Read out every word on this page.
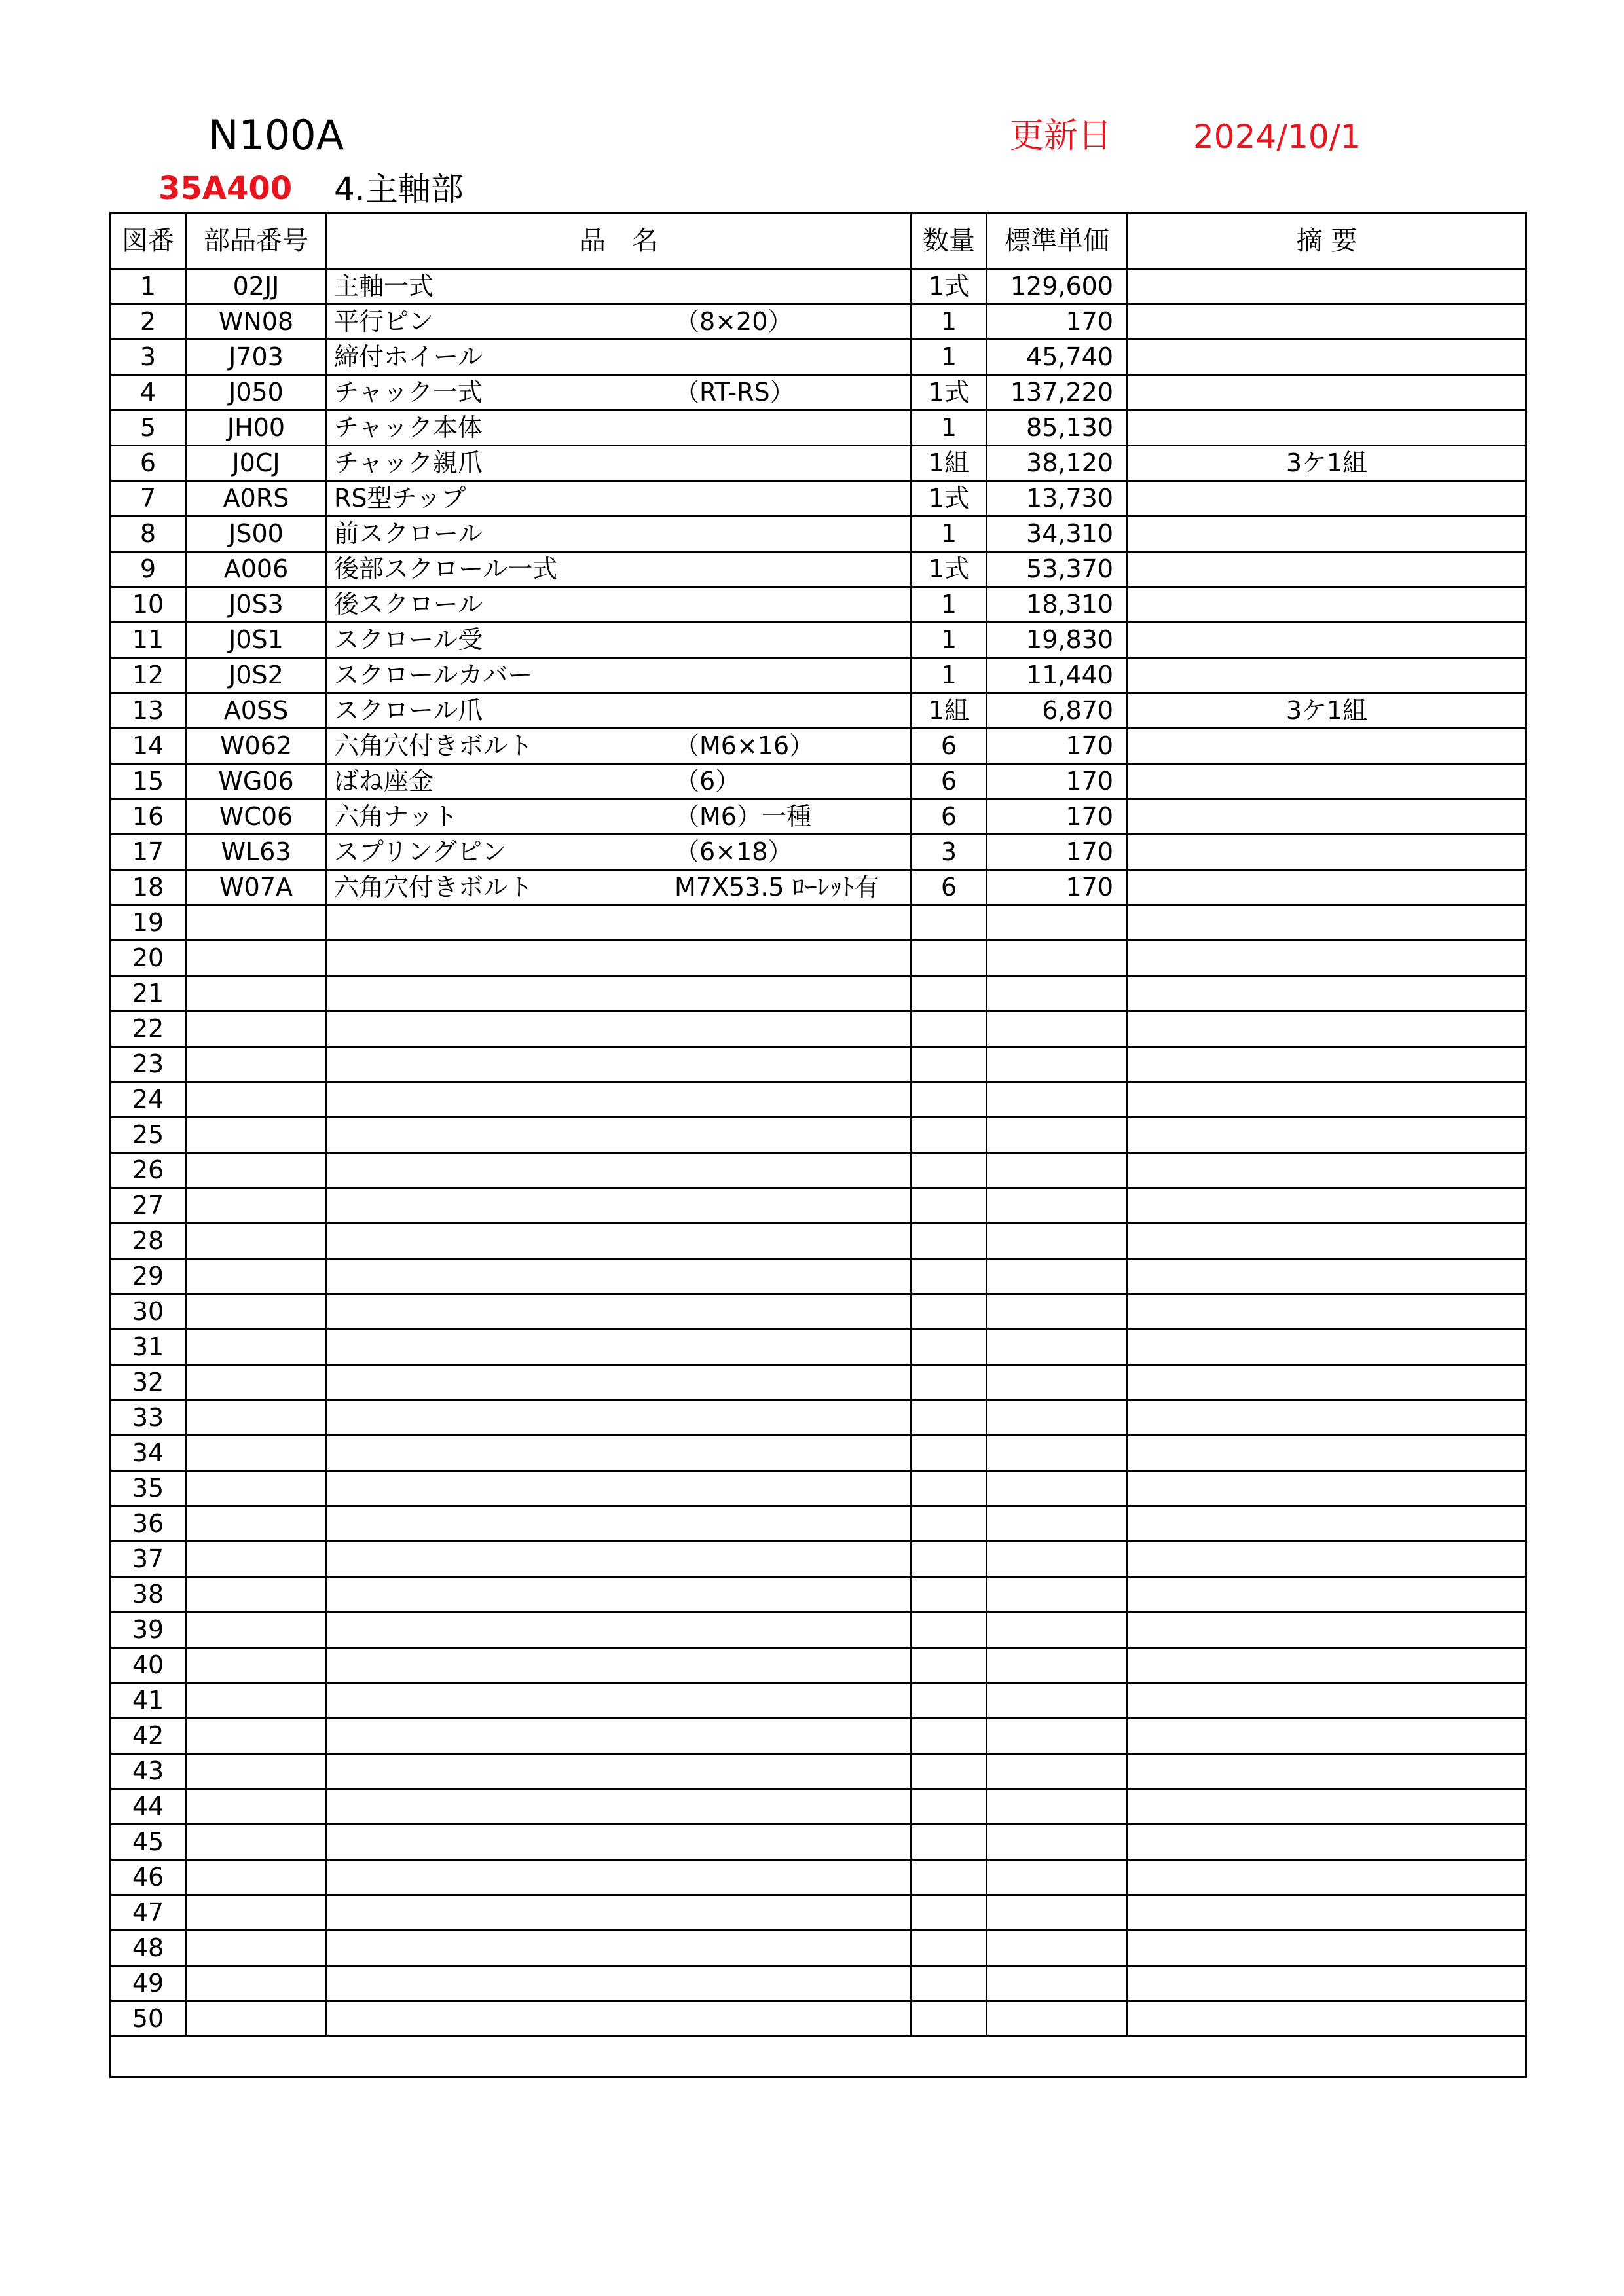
N100A	更新日 2024/10/1
35A400 4.主軸部
図番	部品番号	品　名	数量	標準単価	摘 要
1	02JJ	主軸一式	1式	129,600	
2	WN08	平行ピン （8×20）	1	170	
3	J703	締付ホイール	1	45,740	
4	J050	チャック一式 （RT-RS）	1式	137,220	
5	JH00	チャック本体	1	85,130	
6	J0CJ	チャック親爪	1組	38,120	3ケ1組
7	A0RS	RS型チップ	1式	13,730	
8	JS00	前スクロール	1	34,310	
9	A006	後部スクロール一式	1式	53,370	
10	J0S3	後スクロール	1	18,310	
11	J0S1	スクロール受	1	19,830	
12	J0S2	スクロールカバー	1	11,440	
13	A0SS	スクロール爪	1組	6,870	3ケ1組
14	W062	六角穴付きボルト （M6×16）	6	170	
15	WG06	ばね座金 （6）	6	170	
16	WC06	六角ナット （M6）一種	6	170	
17	WL63	スプリングピン （6×18）	3	170	
18	W07A	六角穴付きボルト M7X53.5 ﾛｰﾚｯﾄ有	6	170	
19		

20		

21		

22		

23		

24		

25		

26		

27		

28		

29		

30		

31		

32		

33		

34		

35		

36		

37		

38		

39		

40		

41		

42		

43		

44		

45		

46		

47		

48		

49		

50		
